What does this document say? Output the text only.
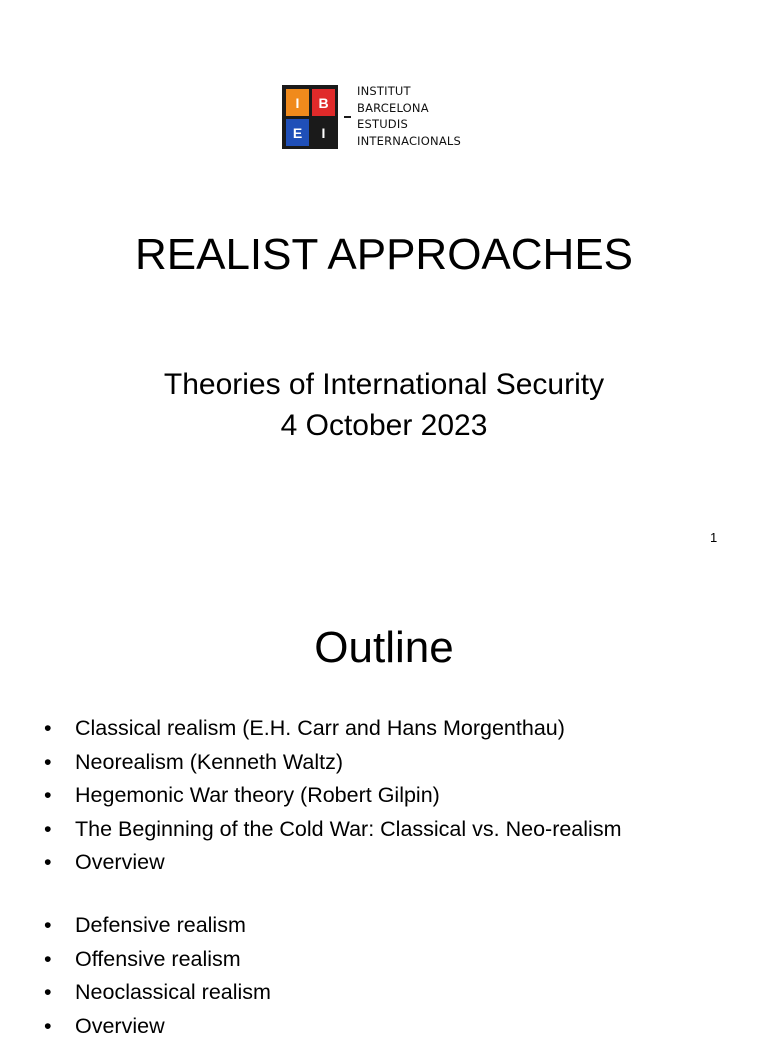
I	B
E	I
INSTITUT
BARCELONA
ESTUDIS
INTERNACIONALS
REALIST APPROACHES
Theories of International Security
4 October 2023
1
Outline
•	Classical realism (E.H. Carr and Hans Morgenthau)
•	Neorealism (Kenneth Waltz)
•	Hegemonic War theory (Robert Gilpin)
•	The Beginning of the Cold War: Classical vs. Neo-realism
•	Overview
•	Defensive realism
•	Offensive realism
•	Neoclassical realism
•	Overview
